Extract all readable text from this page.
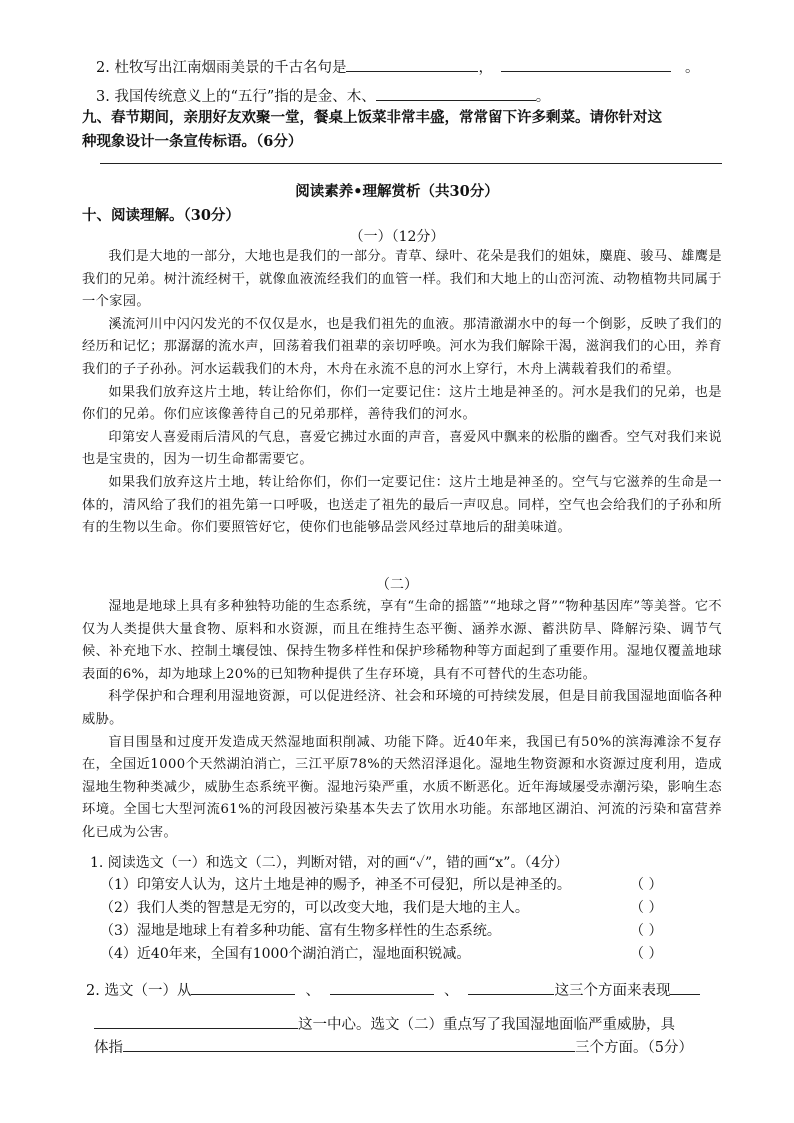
2. 杜牧写出江南烟雨美景的千古名句是	，	。
3. 我国传统意义上的“五行”指的是金、木、	。
九、春节期间，亲朋好友欢聚一堂，餐桌上饭菜非常丰盛，常常留下许多剩菜。请你针对这
种现象设计一条宣传标语。（6分）
阅读素养•理解赏析（共30分）
十、阅读理解。（30分）
（一）（12分）

我们是大地的一部分，大地也是我们的一部分。青草、绿叶、花朵是我们的姐妹，麋鹿、骏马、雄鹰是我们的兄弟。树汁流经树干，就像血液流经我们的血管一样。我们和大地上的山峦河流、动物植物共同属于一个家园。

溪流河川中闪闪发光的不仅仅是水，也是我们祖先的血液。那清澈湖水中的每一个倒影，反映了我们的经历和记忆；那潺潺的流水声，回荡着我们祖辈的亲切呼唤。河水为我们解除干渴，滋润我们的心田，养育我们的子子孙孙。河水运载我们的木舟，木舟在永流不息的河水上穿行，木舟上满载着我们的希望。

如果我们放弃这片土地，转让给你们，你们一定要记住：这片土地是神圣的。河水是我们的兄弟，也是你们的兄弟。你们应该像善待自己的兄弟那样，善待我们的河水。

印第安人喜爱雨后清风的气息，喜爱它拂过水面的声音，喜爱风中飘来的松脂的幽香。空气对我们来说也是宝贵的，因为一切生命都需要它。

如果我们放弃这片土地，转让给你们，你们一定要记住：这片土地是神圣的。空气与它滋养的生命是一体的，清风给了我们的祖先第一口呼吸，也送走了祖先的最后一声叹息。同样，空气也会给我们的子孙和所有的生物以生命。你们要照管好它，使你们也能够品尝风经过草地后的甜美味道。

（二）

湿地是地球上具有多种独特功能的生态系统，享有“生命的摇篮”“地球之肾”“物种基因库”等美誉。它不仅为人类提供大量食物、原料和水资源，而且在维持生态平衡、涵养水源、蓄洪防旱、降解污染、调节气候、补充地下水、控制土壤侵蚀、保持生物多样性和保护珍稀物种等方面起到了重要作用。湿地仅覆盖地球表面的6%，却为地球上20%的已知物种提供了生存环境，具有不可替代的生态功能。

科学保护和合理利用湿地资源，可以促进经济、社会和环境的可持续发展，但是目前我国湿地面临各种威胁。

盲目围垦和过度开发造成天然湿地面积削减、功能下降。近40年来，我国已有50%的滨海滩涂不复存在，全国近1000个天然湖泊消亡，三江平原78%的天然沼泽退化。湿地生物资源和水资源过度利用，造成湿地生物种类减少，威胁生态系统平衡。湿地污染严重，水质不断恶化。近年海域屡受赤潮污染，影响生态环境。全国七大型河流61%的河段因被污染基本失去了饮用水功能。东部地区湖泊、河流的污染和富营养化已成为公害。

1. 阅读选文（一）和选文（二），判断对错，对的画“✓”，错的画“x”。（4分）
（1）印第安人认为，这片土地是神的赐予，神圣不可侵犯，所以是神圣的。	（ ）
（2）我们人类的智慧是无穷的，可以改变大地，我们是大地的主人。	（ ）
（3）湿地是地球上有着多种功能、富有生物多样性的生态系统。	（ ）
（4）近40年来，全国有1000个湖泊消亡，湿地面积锐减。	（ ）
2. 选文（一）从	、	、	这三个方面来表现
这一中心。选文（二）重点写了我国湿地面临严重威胁，具
体指	三个方面。（5分）
